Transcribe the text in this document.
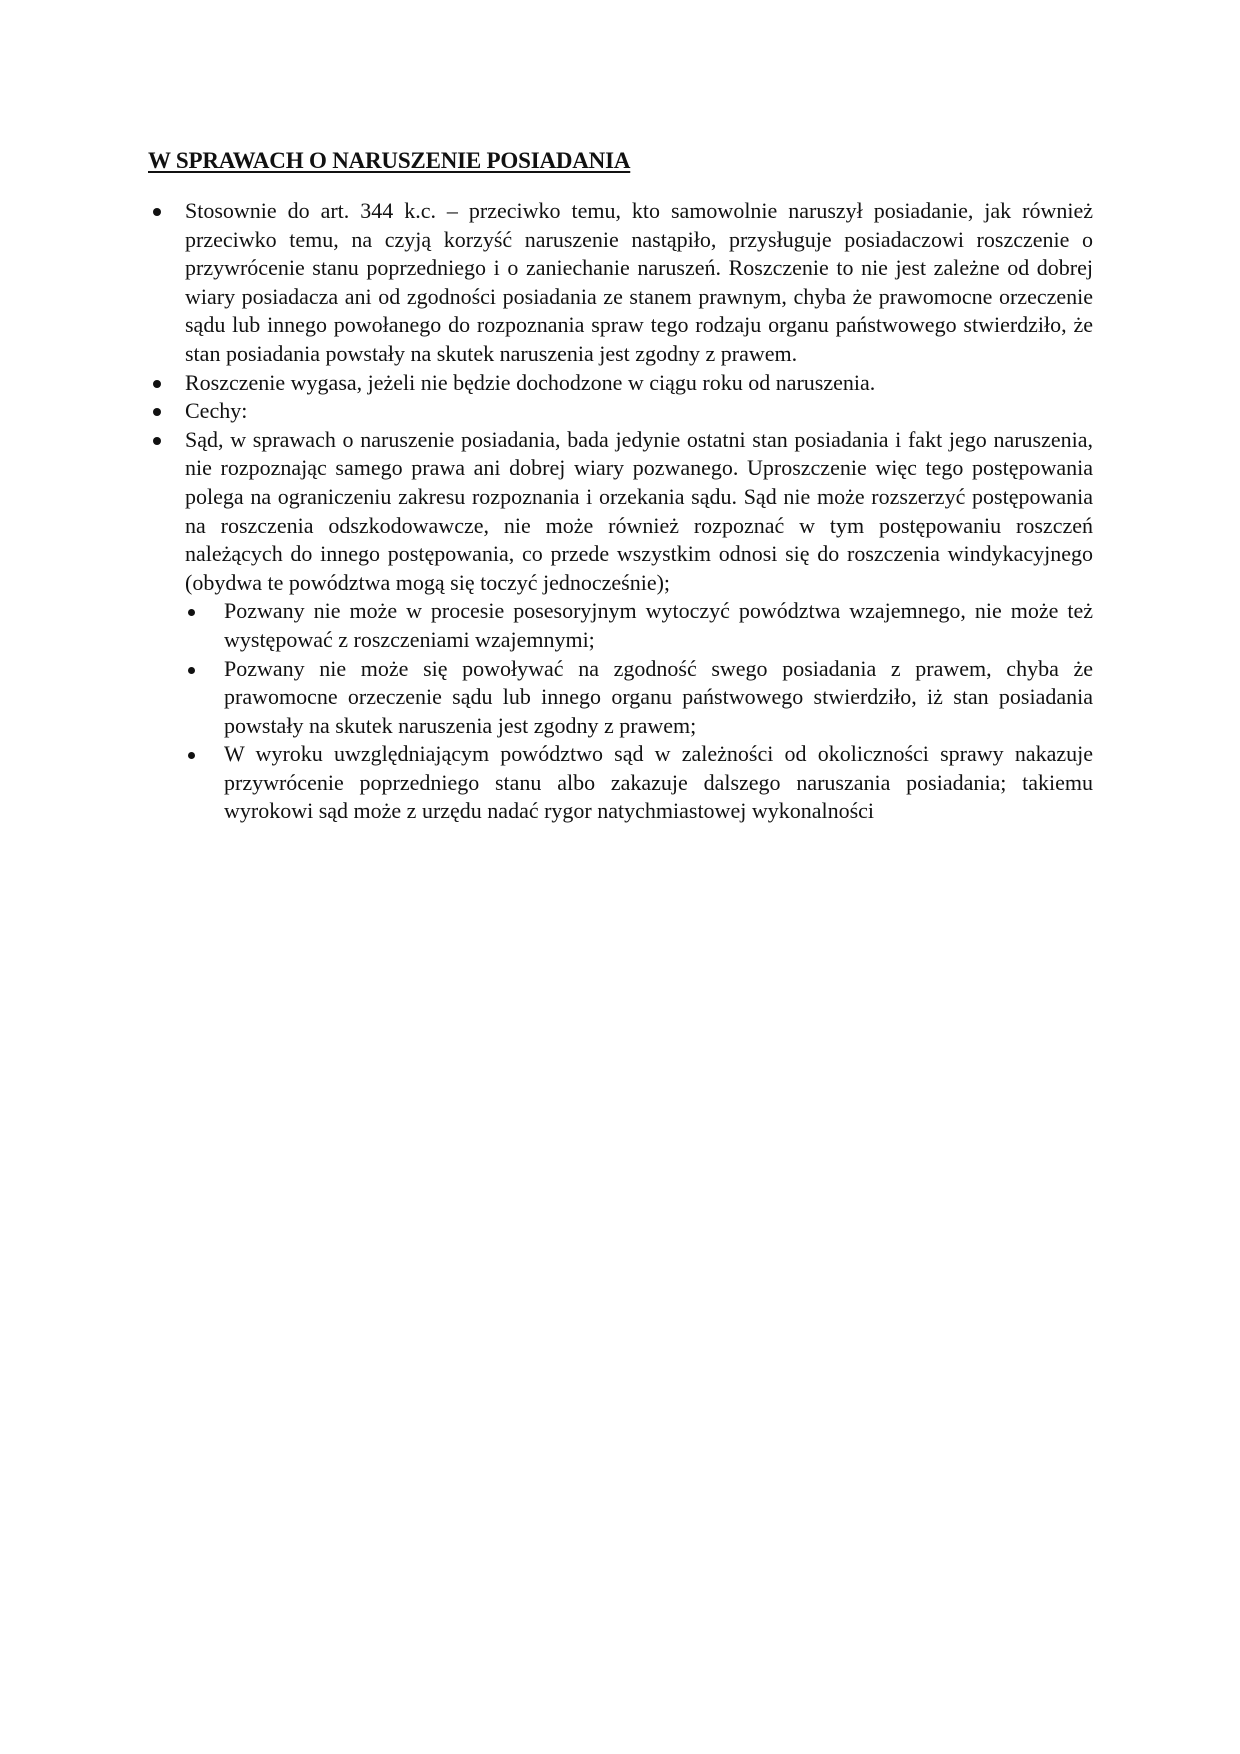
W SPRAWACH O NARUSZENIE POSIADANIA
Stosownie do art. 344 k.c. – przeciwko temu, kto samowolnie naruszył posiadanie, jak również przeciwko temu, na czyją korzyść naruszenie nastąpiło, przysługuje posiadaczowi roszczenie o przywrócenie stanu poprzedniego i o zaniechanie naruszeń. Roszczenie to nie jest zależne od dobrej wiary posiadacza ani od zgodności posiadania ze stanem prawnym, chyba że prawomocne orzeczenie sądu lub innego powołanego do rozpoznania spraw tego rodzaju organu państwowego stwierdziło, że stan posiadania powstały na skutek naruszenia jest zgodny z prawem.
Roszczenie wygasa, jeżeli nie będzie dochodzone w ciągu roku od naruszenia.
Cechy:
Sąd, w sprawach o naruszenie posiadania, bada jedynie ostatni stan posiadania i fakt jego naruszenia, nie rozpoznając samego prawa ani dobrej wiary pozwanego. Uproszczenie więc tego postępowania polega na ograniczeniu zakresu rozpoznania i orzekania sądu. Sąd nie może rozszerzyć postępowania na roszczenia odszkodowawcze, nie może również rozpoznać w tym postępowaniu roszczeń należących do innego postępowania, co przede wszystkim odnosi się do roszczenia windykacyjnego (obydwa te powództwa mogą się toczyć jednocześnie);
Pozwany nie może w procesie posesoryjnym wytoczyć powództwa wzajemnego, nie może też występować z roszczeniami wzajemnymi;
Pozwany nie może się powoływać na zgodność swego posiadania z prawem, chyba że prawomocne orzeczenie sądu lub innego organu państwowego stwierdziło, iż stan posiadania powstały na skutek naruszenia jest zgodny z prawem;
W wyroku uwzględniającym powództwo sąd w zależności od okoliczności sprawy nakazuje przywrócenie poprzedniego stanu albo zakazuje dalszego naruszania posiadania; takiemu wyrokowi sąd może z urzędu nadać rygor natychmiastowej wykonalności
